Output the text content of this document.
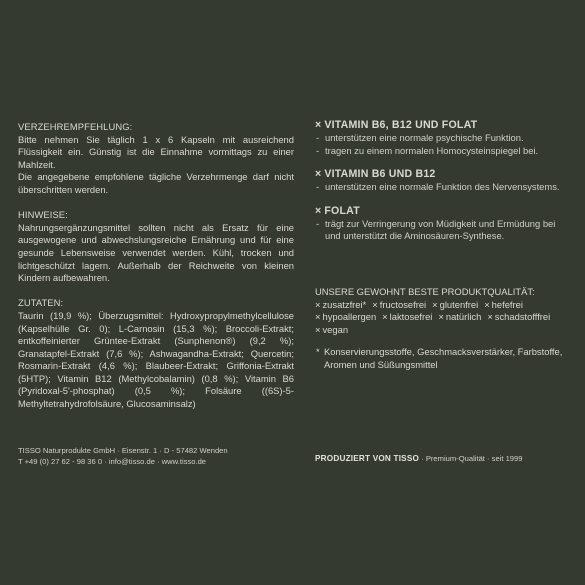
VERZEHREMPFEHLUNG:
Bitte nehmen Sie täglich 1 x 6 Kapseln mit ausreichend Flüssigkeit ein. Günstig ist die Einnahme vormittags zu einer Mahlzeit.
Die angegebene empfohlene tägliche Verzehrmenge darf nicht überschritten werden.
HINWEISE:
Nahrungsergänzungsmittel sollten nicht als Ersatz für eine ausgewogene und abwechslungsreiche Ernährung und für eine gesunde Lebensweise verwendet werden. Kühl, trocken und lichtgeschützt lagern. Außerhalb der Reichweite von kleinen Kindern aufbewahren.
ZUTATEN:
Taurin (19,9 %); Überzugsmittel: Hydroxypropylmethylcellulose (Kapselhülle Gr. 0); L-Carnosin (15,3 %); Broccoli-Extrakt; entkoffeinierter Grüntee-Extrakt (Sunphenon®) (9,2 %); Granatapfel-Extrakt (7,6 %); Ashwagandha-Extrakt; Quercetin; Rosmarin-Extrakt (4,6 %); Blaubeer-Extrakt; Griffonia-Extrakt (5HTP); Vitamin B12 (Methylcobalamin) (0,8 %); Vitamin B6 (Pyridoxal-5'-phosphat) (0,5 %); Folsäure ((6S)-5-Methyltetrahydrofolsäure, Glucosaminsalz)
TISSO Naturprodukte GmbH · Eisenstr. 1 · D - 57482 Wenden
T +49 (0) 27 62 - 98 36 0 · info@tisso.de · www.tisso.de
× VITAMIN B6, B12 UND FOLAT
- unterstützen eine normale psychische Funktion.
- tragen zu einem normalen Homocysteinspiegel bei.
× VITAMIN B6 UND B12
- unterstützen eine normale Funktion des Nervensystems.
× FOLAT
- trägt zur Verringerung von Müdigkeit und Ermüdung bei und unterstützt die Aminosäuren-Synthese.
UNSERE GEWOHNT BESTE PRODUKTQUALITÄT:
× zusatzfrei* × fructosefrei × glutenfrei × hefefrei
× hypoallergen × laktosefrei × natürlich × schadstofffrei
× vegan
* Konservierungsstoffe, Geschmacksverstärker, Farbstoffe, Aromen und Süßungsmittel
PRODUZIERT VON TISSO · Premium-Qualität · seit 1999
